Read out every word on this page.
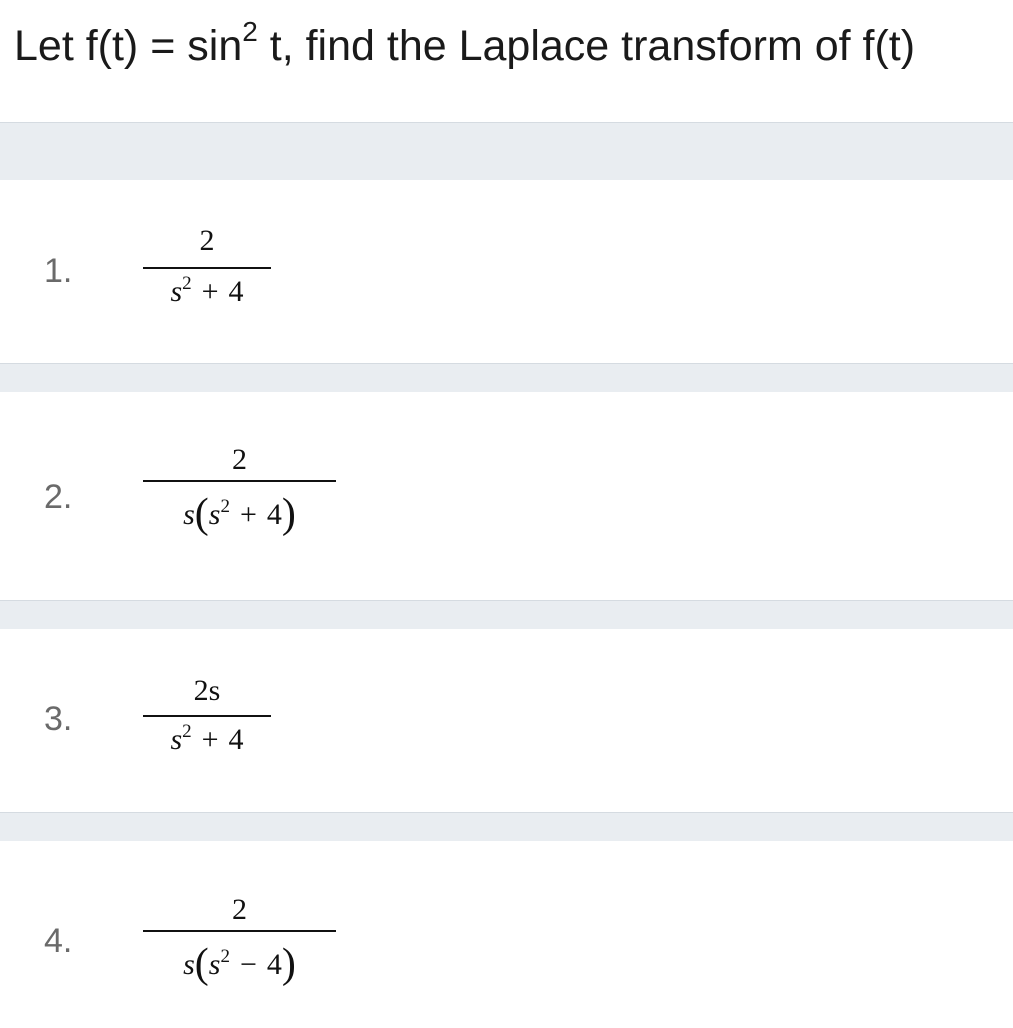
Let $f(t) = \sin^2 t$, find the Laplace transform of f(t)
1.
2
$s^2 + 4$
2.
2
$s(s^2 + 4)$
3.
2s
$s^2 + 4$
4.
2
$s(s^2 - 4)$
